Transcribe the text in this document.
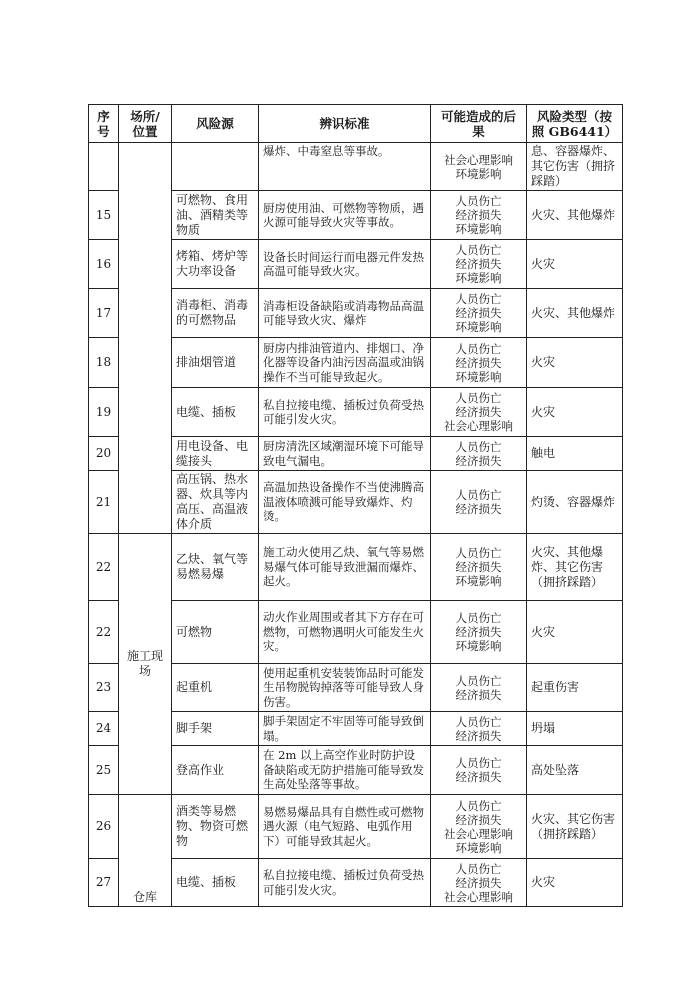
序
号	场所/
位置	风险源	辨识标准	可能造成的后
果	风险类型（按
照 GB6441）

			爆炸、中毒窒息等事故。	社会心理影响
环境影响	息、容器爆炸、其它伤害（拥挤踩踏）
15		可燃物、食用油、酒精类等物质	厨房使用油、可燃物等物质，遇火源可能导致火灾等事故。	人员伤亡
经济损失
环境影响	火灾、其他爆炸
16		烤箱、烤炉等大功率设备	设备长时间运行而电器元件发热高温可能导致火灾。	人员伤亡
经济损失
环境影响	火灾
17		消毒柜、消毒的可燃物品	消毒柜设备缺陷或消毒物品高温可能导致火灾、爆炸	人员伤亡
经济损失
环境影响	火灾、其他爆炸
18		排油烟管道	厨房内排油管道内、排烟口、净化器等设备内油污因高温或油锅操作不当可能导致起火。	人员伤亡
经济损失
环境影响	火灾
19		电缆、插板	私自拉接电缆、插板过负荷受热可能引发火灾。	人员伤亡
经济损失
社会心理影响	火灾
20		用电设备、电缆接头	厨房清洗区域潮湿环境下可能导致电气漏电。	人员伤亡
经济损失	触电
21		高压锅、热水器、炊具等内高压、高温液体介质	高温加热设备操作不当使沸腾高温液体喷溅可能导致爆炸、灼烫。	人员伤亡
经济损失	灼烫、容器爆炸
22	施工现场	乙炔、氧气等易燃易爆	施工动火使用乙炔、氧气等易燃易爆气体可能导致泄漏而爆炸、起火。	人员伤亡
经济损失
环境影响	火灾、其他爆炸、其它伤害（拥挤踩踏）
22		可燃物	动火作业周围或者其下方存在可燃物，可燃物遇明火可能发生火灾。	人员伤亡
经济损失
环境影响	火灾
23		起重机	使用起重机安装装饰品时可能发生吊物脱钩掉落等可能导致人身伤害。	人员伤亡
经济损失	起重伤害
24		脚手架	脚手架固定不牢固等可能导致倒塌。	人员伤亡
经济损失	坍塌
25		登高作业	在 2m 以上高空作业时防护设备缺陷或无防护措施可能导致发生高处坠落等事故。	人员伤亡
经济损失	高处坠落
26	仓库	酒类等易燃物、物资可燃物	易燃易爆品具有自燃性或可燃物遇火源（电气短路、电弧作用下）可能导致其起火。	人员伤亡
经济损失
社会心理影响
环境影响	火灾、其它伤害（拥挤踩踏）
27		电缆、插板	私自拉接电缆、插板过负荷受热可能引发火灾。	人员伤亡
经济损失
社会心理影响	火灾
